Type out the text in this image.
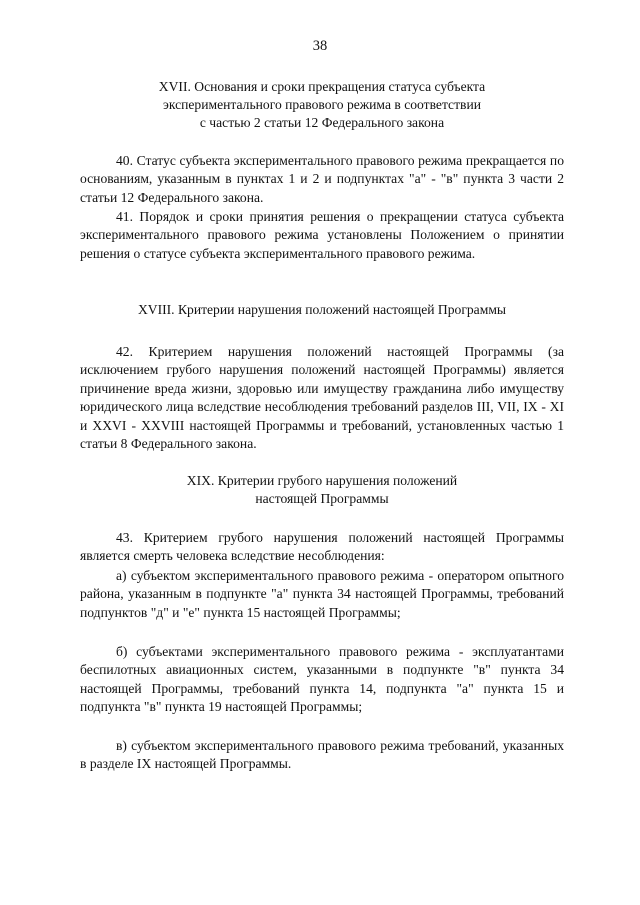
38
XVII. Основания и сроки прекращения статуса субъекта
экспериментального правового режима в соответствии
с частью 2 статьи 12 Федерального закона
40. Статус субъекта экспериментального правового режима прекращается по основаниям, указанным в пунктах 1 и 2 и подпунктах "а" - "в" пункта 3 части 2 статьи 12 Федерального закона.
41. Порядок и сроки принятия решения о прекращении статуса субъекта экспериментального правового режима установлены Положением о принятии решения о статусе субъекта экспериментального правового режима.
XVIII. Критерии нарушения положений настоящей Программы
42. Критерием нарушения положений настоящей Программы (за исключением грубого нарушения положений настоящей Программы) является причинение вреда жизни, здоровью или имуществу гражданина либо имуществу юридического лица вследствие несоблюдения требований разделов III, VII, IX - XI и XXVI - XXVIII настоящей Программы и требований, установленных частью 1 статьи 8 Федерального закона.
XIX. Критерии грубого нарушения положений
настоящей Программы
43. Критерием грубого нарушения положений настоящей Программы является смерть человека вследствие несоблюдения:
а) субъектом экспериментального правового режима - оператором опытного района, указанным в подпункте "а" пункта 34 настоящей Программы, требований подпунктов "д" и "е" пункта 15 настоящей Программы;
б) субъектами экспериментального правового режима - эксплуатантами беспилотных авиационных систем, указанными в подпункте "в" пункта 34 настоящей Программы, требований пункта 14, подпункта "а" пункта 15 и подпункта "в" пункта 19 настоящей Программы;
в) субъектом экспериментального правового режима требований, указанных в разделе IX настоящей Программы.
